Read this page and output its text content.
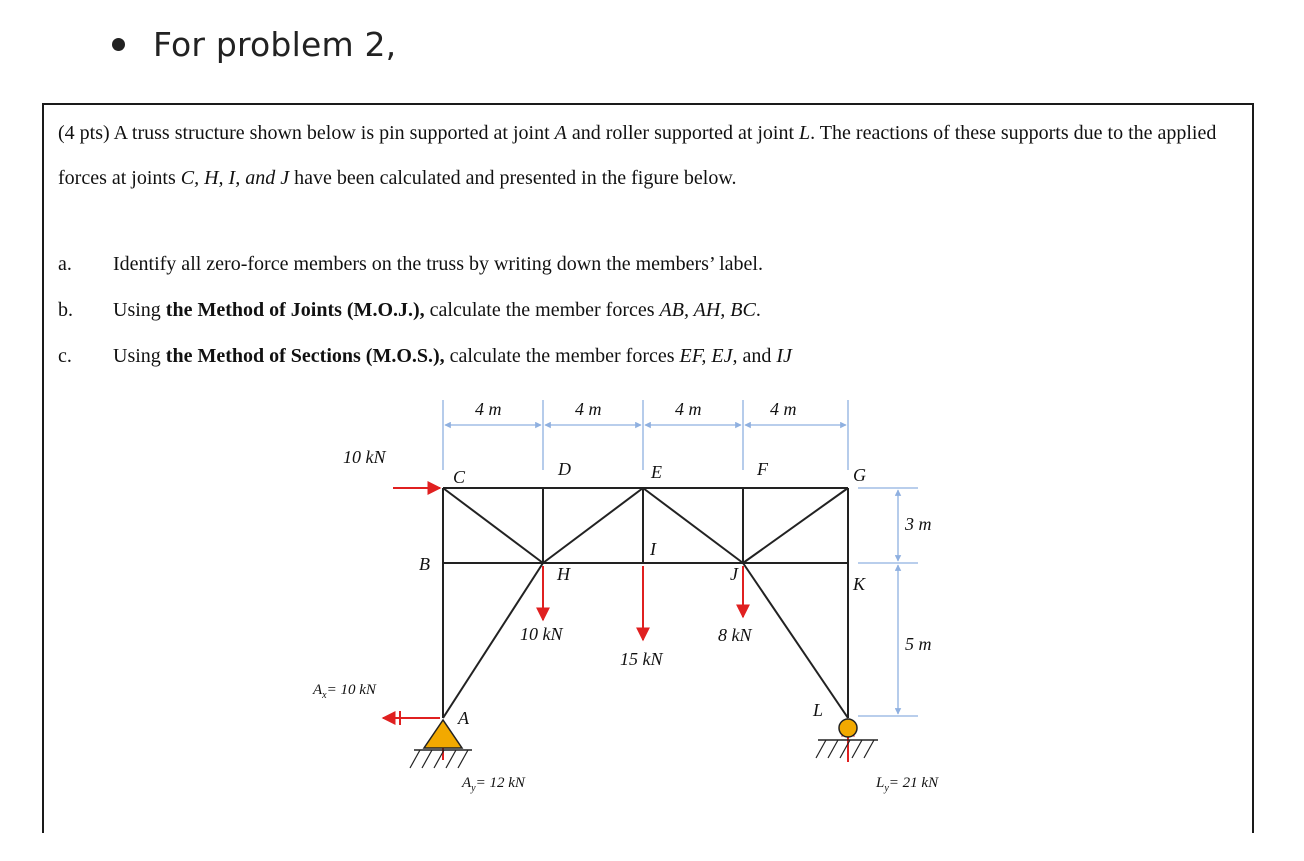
For problem 2,

(4 pts) A truss structure shown below is pin supported at joint A and roller supported at joint L. The reactions of these supports due to the applied forces at joints C, H, I, and J have been calculated and presented in the figure below.

a.	Identify all zero-force members on the truss by writing down the members’ label.
b.	Using the Method of Joints (M.O.J.), calculate the member forces AB, AH, BC.
c.	Using the Method of Sections (M.O.S.), calculate the member forces EF, EJ, and IJ
4 m	4 m	4 m	4 m
3 m
5 m
A
B
C	D	E	F	G
H
I
J	K
L
10 kN
10 kN
15 kN
8 kN
$A_x= 10$ kN
$A_y= 12$ kN	$L_y= 21$ kN
